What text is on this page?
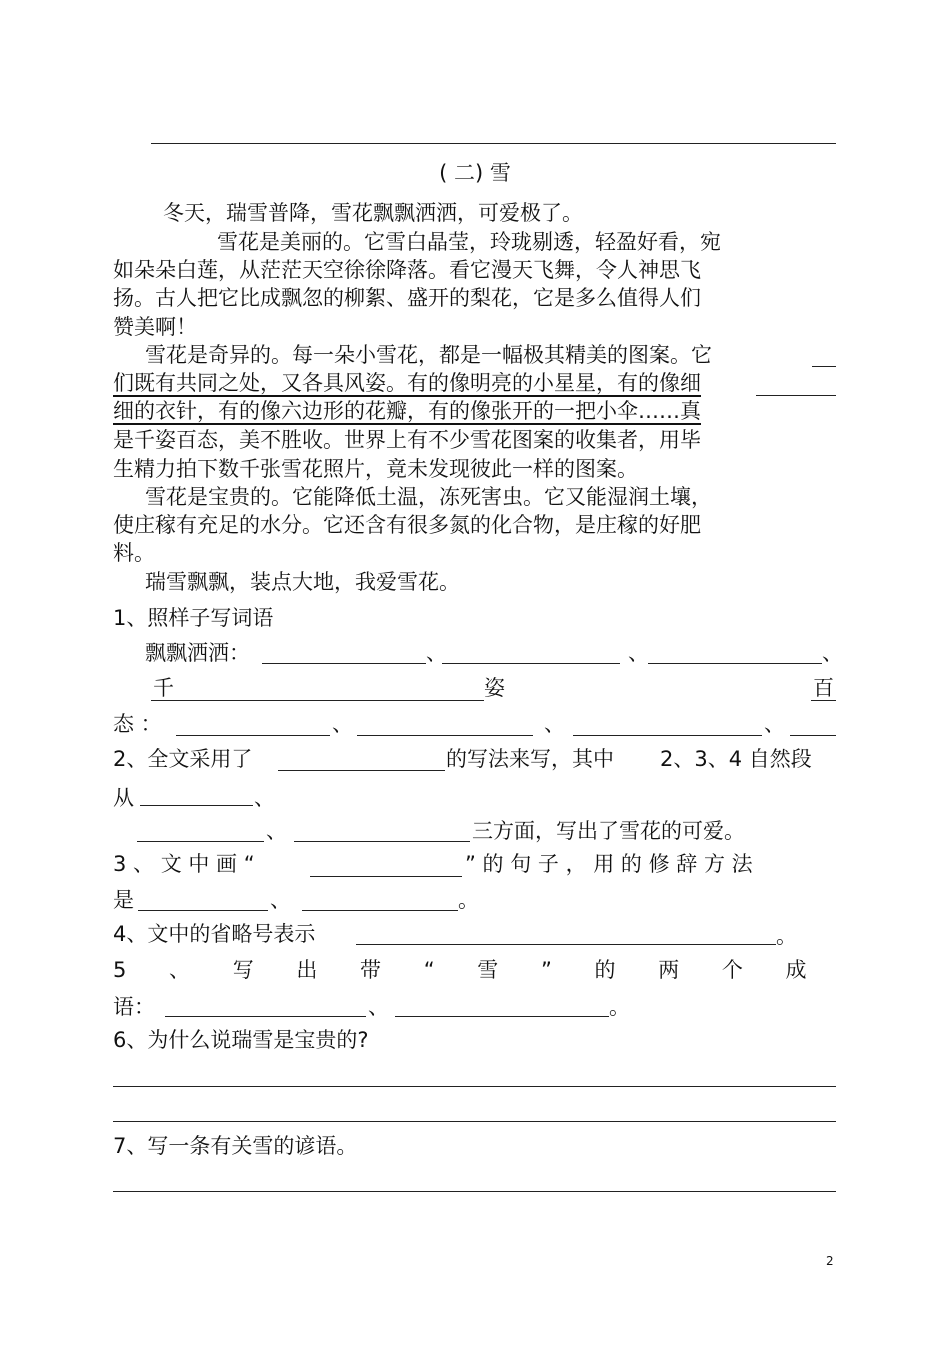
( 二) 雪
冬天，瑞雪普降，雪花飘飘洒洒，可爱极了。
雪花是美丽的。它雪白晶莹，玲珑剔透，轻盈好看，宛
如朵朵白莲，从茫茫天空徐徐降落。看它漫天飞舞，令人神思飞
扬。古人把它比成飘忽的柳絮、盛开的梨花，它是多么值得人们
赞美啊！
雪花是奇异的。每一朵小雪花，都是一幅极其精美的图案。它
们既有共同之处，又各具风姿。有的像明亮的小星星，有的像细
细的衣针，有的像六边形的花瓣，有的像张开的一把小伞……真
是千姿百态，美不胜收。世界上有不少雪花图案的收集者，用毕
生精力拍下数千张雪花照片，竟未发现彼此一样的图案。
雪花是宝贵的。它能降低土温，冻死害虫。它又能湿润土壤，
使庄稼有充足的水分。它还含有很多氮的化合物，是庄稼的好肥
料。
瑞雪飘飘，装点大地，我爱雪花。
1、照样子写词语
飘飘洒洒：	、	、	、
千	姿	百
态 ：	、	、	、
2、全文采用了	的写法来写，其中 2、3、4 自然段
从	、
、	三方面，写出了雪花的可爱。
3 、 文 中 画 “	” 的 句 子 ， 用 的 修 辞 方 法
是	、	。
4、文中的省略号表示	。
5 、 写 出 带 “ 雪 ” 的 两 个 成
语：	、	。
6、为什么说瑞雪是宝贵的?
7、写一条有关雪的谚语。
2
